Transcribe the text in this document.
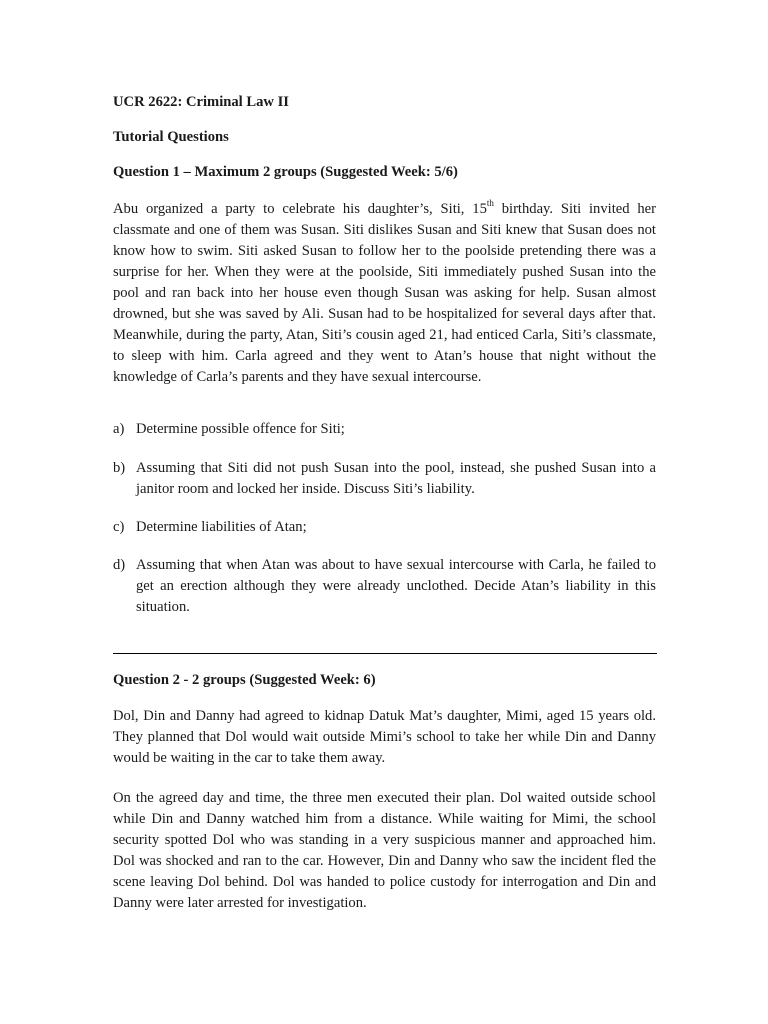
UCR 2622: Criminal Law II
Tutorial Questions
Question 1 – Maximum 2 groups (Suggested Week: 5/6)
Abu organized a party to celebrate his daughter’s, Siti, 15th birthday. Siti invited her classmate and one of them was Susan. Siti dislikes Susan and Siti knew that Susan does not know how to swim. Siti asked Susan to follow her to the poolside pretending there was a surprise for her. When they were at the poolside, Siti immediately pushed Susan into the pool and ran back into her house even though Susan was asking for help. Susan almost drowned, but she was saved by Ali. Susan had to be hospitalized for several days after that. Meanwhile, during the party, Atan, Siti’s cousin aged 21, had enticed Carla, Siti’s classmate, to sleep with him. Carla agreed and they went to Atan’s house that night without the knowledge of Carla’s parents and they have sexual intercourse.
a) Determine possible offence for Siti;
b) Assuming that Siti did not push Susan into the pool, instead, she pushed Susan into a janitor room and locked her inside. Discuss Siti’s liability.
c) Determine liabilities of Atan;
d) Assuming that when Atan was about to have sexual intercourse with Carla, he failed to get an erection although they were already unclothed. Decide Atan’s liability in this situation.
Question 2 - 2 groups (Suggested Week: 6)
Dol, Din and Danny had agreed to kidnap Datuk Mat’s daughter, Mimi, aged 15 years old. They planned that Dol would wait outside Mimi’s school to take her while Din and Danny would be waiting in the car to take them away.
On the agreed day and time, the three men executed their plan. Dol waited outside school while Din and Danny watched him from a distance. While waiting for Mimi, the school security spotted Dol who was standing in a very suspicious manner and approached him. Dol was shocked and ran to the car. However, Din and Danny who saw the incident fled the scene leaving Dol behind. Dol was handed to police custody for interrogation and Din and Danny were later arrested for investigation.
